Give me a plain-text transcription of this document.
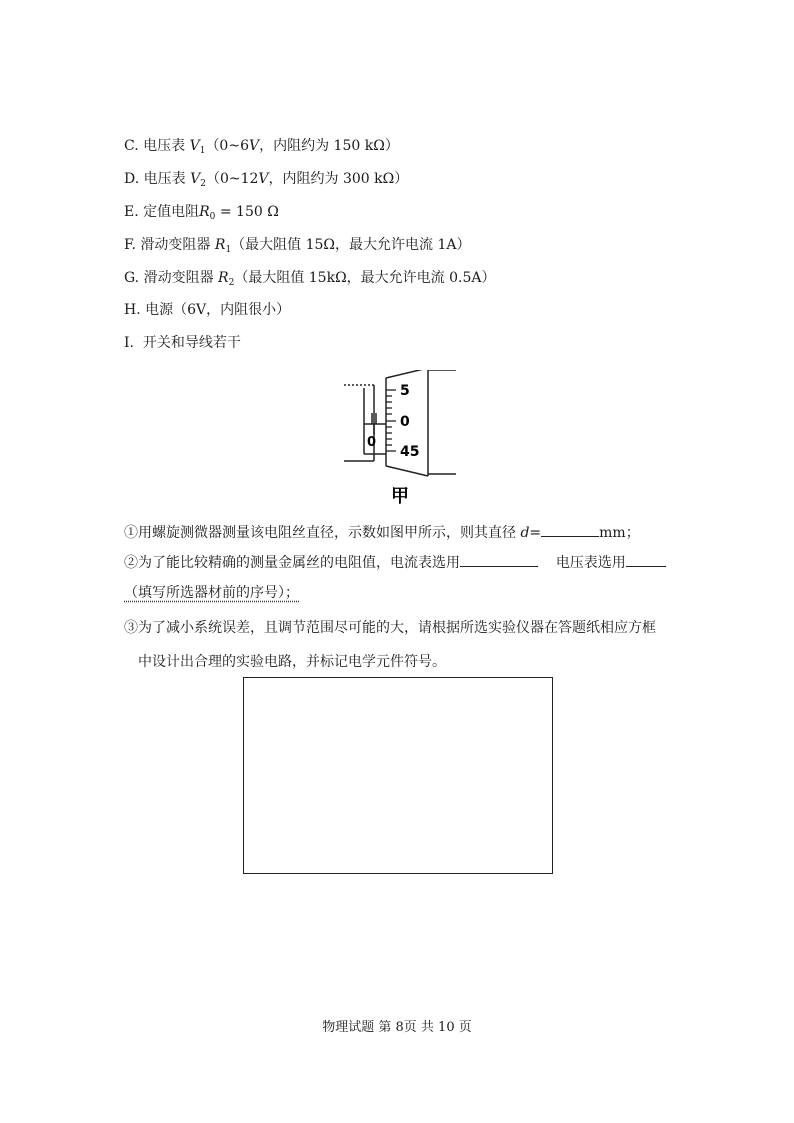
C. 电压表 $V_1(0\sim 6V$，内阻约为 150 kΩ）
D. 电压表 $V_2(0\sim 12V$，内阻约为 300 kΩ）
E. 定值电阻$R_0 = 150$ Ω
F. 滑动变阻器 $R_1$（最大阻值 15Ω，最大允许电流 1A）
G. 滑动变阻器 $R_2$（最大阻值 15kΩ，最大允许电流 0.5A）
H. 电源（6V，内阻很小）
I. 开关和导线若干
5
0
45
0
甲
①用螺旋测微器测量该电阻丝直径，示数如图甲所示，则其直径 d=	mm；
②为了能比较精确的测量金属丝的电阻值，电流表选用	电压表选用
（填写所选器材前的序号）；
③为了减小系统误差，且调节范围尽可能的大，请根据所选实验仪器在答题纸相应方框
中设计出合理的实验电路，并标记电学元件符号。
物理试题 第 8页 共 10 页
